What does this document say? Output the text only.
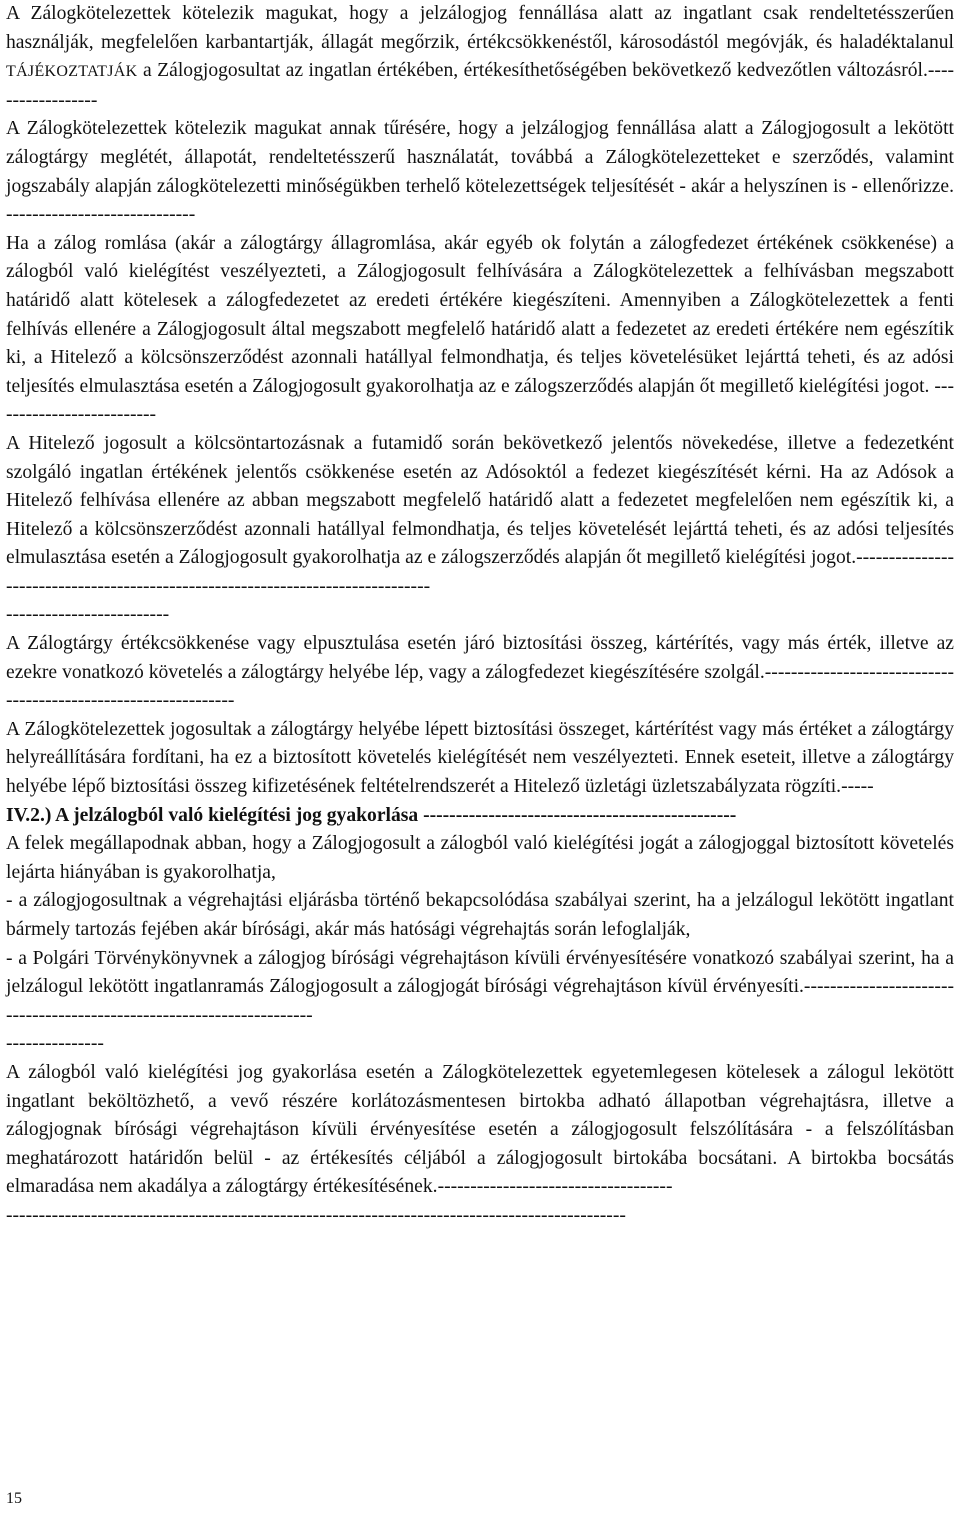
A Zálogkötelezettek kötelezik magukat, hogy a jelzálogjog fennállása alatt az ingatlant csak rendeltetésszerűen használják, megfelelően karbantartják, állagát megőrzik, értékcsökkenéstől, károsodástól megóvják, és haladéktalanul TÁJÉKOZTATJÁK a Zálogjogosultat az ingatlan értékében, értékesíthetőségében bekövetkező kedvezőtlen változásról.------------------

A Zálogkötelezettek kötelezik magukat annak tűrésére, hogy a jelzálogjog fennállása alatt a Zálogjogosult a lekötött zálogtárgy meglétét, állapotát, rendeltetésszerű használatát, továbbá a Zálogkötelezetteket e szerződés, valamint jogszabály alapján zálogkötelezetti minőségükben terhelő kötelezettségek teljesítését - akár a helyszínen is - ellenőrizze. -----------------------------

Ha a zálog romlása (akár a zálogtárgy állagromlása, akár egyéb ok folytán a zálogfedezet értékének csökkenése) a zálogból való kielégítést veszélyezteti, a Zálogjogosult felhívására a Zálogkötelezettek a felhívásban megszabott határidő alatt kötelesek a zálogfedezetet az eredeti értékére kiegészíteni. Amennyiben a Zálogkötelezettek a fenti felhívás ellenére a Zálogjogosult által megszabott megfelelő határidő alatt a fedezetet az eredeti értékére nem egészítik ki, a Hitelező a kölcsönszerződést azonnali hatállyal felmondhatja, és teljes követelésüket lejárttá teheti, és az adósi teljesítés elmulasztása esetén a Zálogjogosult gyakorolhatja az e zálogszerződés alapján őt megillető kielégítési jogot. --------------------------

A Hitelező jogosult a kölcsöntartozásnak a futamidő során bekövetkező jelentős növekedése, illetve a fedezetként szolgáló ingatlan értékének jelentős csökkenése esetén az Adósoktól a fedezet kiegészítését kérni. Ha az Adósok a Hitelező felhívása ellenére az abban megszabott megfelelő határidő alatt a fedezetet megfelelően nem egészítik ki, a Hitelező a kölcsönszerződést azonnali hatállyal felmondhatja, és teljes követelését lejárttá teheti, és az adósi teljesítés elmulasztása esetén a Zálogjogosult gyakorolhatja az e zálogszerződés alapján őt megillető kielégítési jogot.--------------------------------------------------------------------------------

-------------------------

A Zálogtárgy értékcsökkenése vagy elpusztulása esetén járó biztosítási összeg, kártérítés, vagy más érték, illetve az ezekre vonatkozó követelés a zálogtárgy helyébe lép, vagy a zálogfedezet kiegészítésére szolgál.----------------------------------------------------------------

A Zálogkötelezettek jogosultak a zálogtárgy helyébe lépett biztosítási összeget, kártérítést vagy más értéket a zálogtárgy helyreállítására fordítani, ha ez a biztosított követelés kielégítését nem veszélyezteti. Ennek eseteit, illetve a zálogtárgy helyébe lépő biztosítási összeg kifizetésének feltételrendszerét a Hitelező üzletági üzletszabályzata rögzíti.-----

IV.2.) A jelzálogból való kielégítési jog gyakorlása ------------------------------------------------

A felek megállapodnak abban, hogy a Zálogjogosult a zálogból való kielégítési jogát a zálogjoggal biztosított követelés lejárta hiányában is gyakorolhatja,

- a zálogjogosultnak a végrehajtási eljárásba történő bekapcsolódása szabályai szerint, ha a jelzálogul lekötött ingatlant bármely tartozás fejében akár bírósági, akár más hatósági végrehajtás során lefoglalják,

- a Polgári Törvénykönyvnek a zálogjog bírósági végrehajtáson kívüli érvényesítésére vonatkozó szabályai szerint, ha a jelzálogul lekötött ingatlanramás Zálogjogosult a zálogjogát bírósági végrehajtáson kívül érvényesíti.----------------------------------------------------------------------

---------------

A zálogból való kielégítési jog gyakorlása esetén a Zálogkötelezettek egyetemlegesen kötelesek a zálogul lekötött ingatlant beköltözhető, a vevő részére korlátozásmentesen birtokba adható állapotban végrehajtásra, illetve a zálogjognak bírósági végrehajtáson kívüli érvényesítése esetén a zálogjogosult felszólítására - a felszólításban meghatározott határidőn belül - az értékesítés céljából a zálogjogosult birtokába bocsátani. A birtokba bocsátás elmaradása nem akadálya a zálogtárgy értékesítésének.------------------------------------

-----------------------------------------------------------------------------------------------

15
